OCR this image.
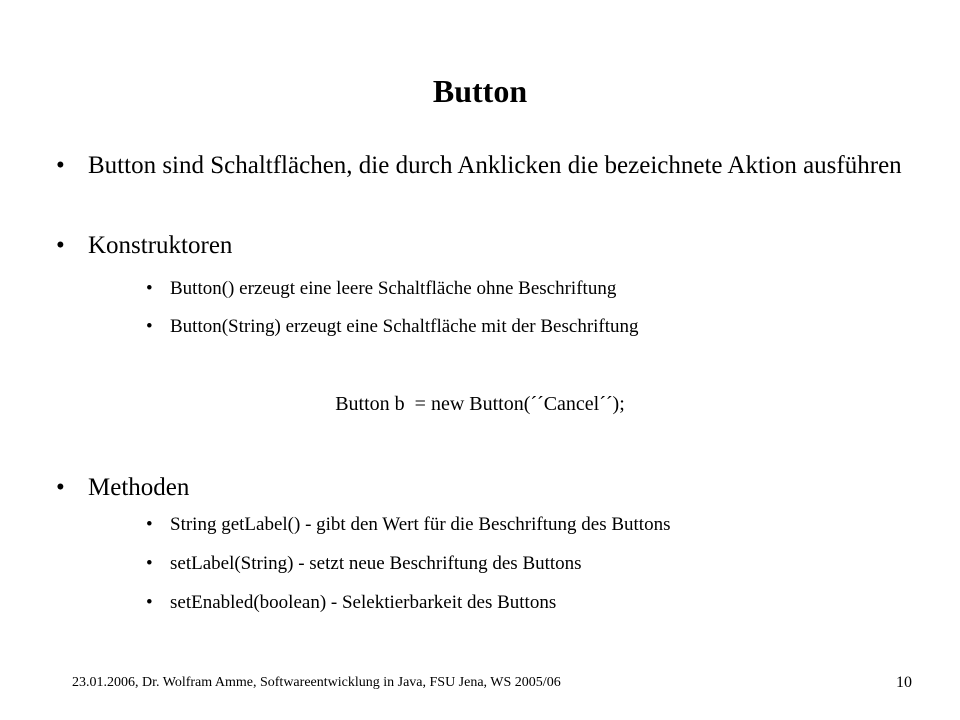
Button
• Button sind Schaltflächen, die durch Anklicken die bezeichnete Aktion ausführen
• Konstruktoren
• Button() erzeugt eine leere Schaltfläche ohne Beschriftung
• Button(String) erzeugt eine Schaltfläche mit der Beschriftung
Button b  = new Button(´´Cancel´´);
• Methoden
• String getLabel() - gibt den Wert für die Beschriftung des Buttons
• setLabel(String) - setzt neue Beschriftung des Buttons
• setEnabled(boolean) - Selektierbarkeit des Buttons
23.01.2006, Dr. Wolfram Amme, Softwareentwicklung in Java, FSU Jena, WS 2005/06	10
